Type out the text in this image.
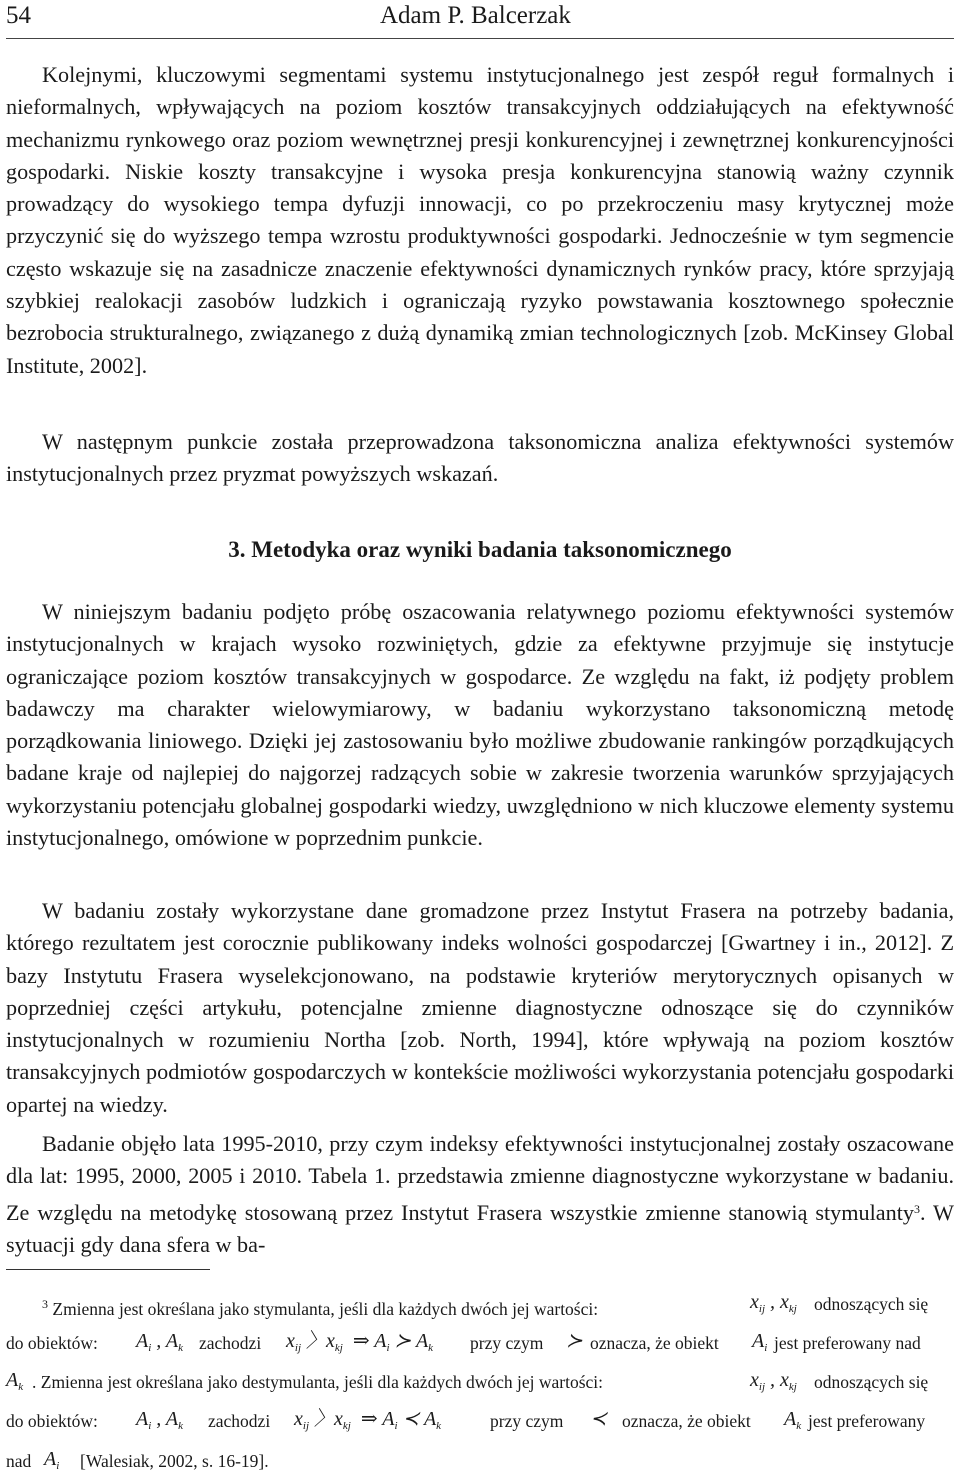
54	Adam P. Balcerzak

Kolejnymi, kluczowymi segmentami systemu instytucjonalnego jest zespół reguł formalnych i nieformalnych, wpływających na poziom kosztów transakcyjnych oddziałujących na efektywność mechanizmu rynkowego oraz poziom wewnętrznej presji konkurencyjnej i zewnętrznej konkurencyjności gospodarki. Niskie koszty transakcyjne i wysoka presja konkurencyjna stanowią ważny czynnik prowadzący do wysokiego tempa dyfuzji innowacji, co po przekroczeniu masy krytycznej może przyczynić się do wyższego tempa wzrostu produktywności gospodarki. Jednocześnie w tym segmencie często wskazuje się na zasadnicze znaczenie efektywności dynamicznych rynków pracy, które sprzyjają szybkiej realokacji zasobów ludzkich i ograniczają ryzyko powstawania kosztownego społecznie bezrobocia strukturalnego, związanego z dużą dynamiką zmian technologicznych [zob. McKinsey Global Institute, 2002].

W następnym punkcie została przeprowadzona taksonomiczna analiza efektywności systemów instytucjonalnych przez pryzmat powyższych wskazań.

3. Metodyka oraz wyniki badania taksonomicznego

W niniejszym badaniu podjęto próbę oszacowania relatywnego poziomu efektywności systemów instytucjonalnych w krajach wysoko rozwiniętych, gdzie za efektywne przyjmuje się instytucje ograniczające poziom kosztów transakcyjnych w gospodarce. Ze względu na fakt, iż podjęty problem badawczy ma charakter wielowymiarowy, w badaniu wykorzystano taksonomiczną metodę porządkowania liniowego. Dzięki jej zastosowaniu było możliwe zbudowanie rankingów porządkujących badane kraje od najlepiej do najgorzej radzących sobie w zakresie tworzenia warunków sprzyjających wykorzystaniu potencjału globalnej gospodarki wiedzy, uwzględniono w nich kluczowe elementy systemu instytucjonalnego, omówione w poprzednim punkcie.

W badaniu zostały wykorzystane dane gromadzone przez Instytut Frasera na potrzeby badania, którego rezultatem jest corocznie publikowany indeks wolności gospodarczej [Gwartney i in., 2012]. Z bazy Instytutu Frasera wyselekcjonowano, na podstawie kryteriów merytorycznych opisanych w poprzedniej części artykułu, potencjalne zmienne diagnostyczne odnoszące się do czynników instytucjonalnych w rozumieniu Northa [zob. North, 1994], które wpływają na poziom kosztów transakcyjnych podmiotów gospodarczych w kontekście możliwości wykorzystania potencjału gospodarki opartej na wiedzy.

Badanie objęło lata 1995-2010, przy czym indeksy efektywności instytucjonalnej zostały oszacowane dla lat: 1995, 2000, 2005 i 2010. Tabela 1. przedstawia zmienne diagnostyczne wykorzystane w badaniu. Ze względu na metodykę stosowaną przez Instytut Frasera wszystkie zmienne stanowią stymulanty$^3$. W sytuacji gdy dana sfera w ba-

$^3$ Zmienna jest określana jako stymulanta, jeśli dla każdych dwóch jej wartości:	$x_{ij}$ , $x_{kj}$ odnoszących się
do obiektów: $A_i$ , $A_k$ zachodzi $x_{ij}$ 〉$x_{kj}$  ⇒ $A_i$ ≻ $A_k$ przy czym ≻ oznacza, że obiekt $A_i$ jest preferowany nad
$A_k$ . Zmienna jest określana jako destymulanta, jeśli dla każdych dwóch jej wartości:	$x_{ij}$ , $x_{kj}$ odnoszących się
do obiektów: $A_i$ , $A_k$ zachodzi $x_{ij}$ 〉$x_{kj}$  ⇒ $A_i$ ≺ $A_k$	przy czym ≺ oznacza, że obiekt $A_k$ jest preferowany
nad $A_i$ [Walesiak, 2002, s. 16-19].
